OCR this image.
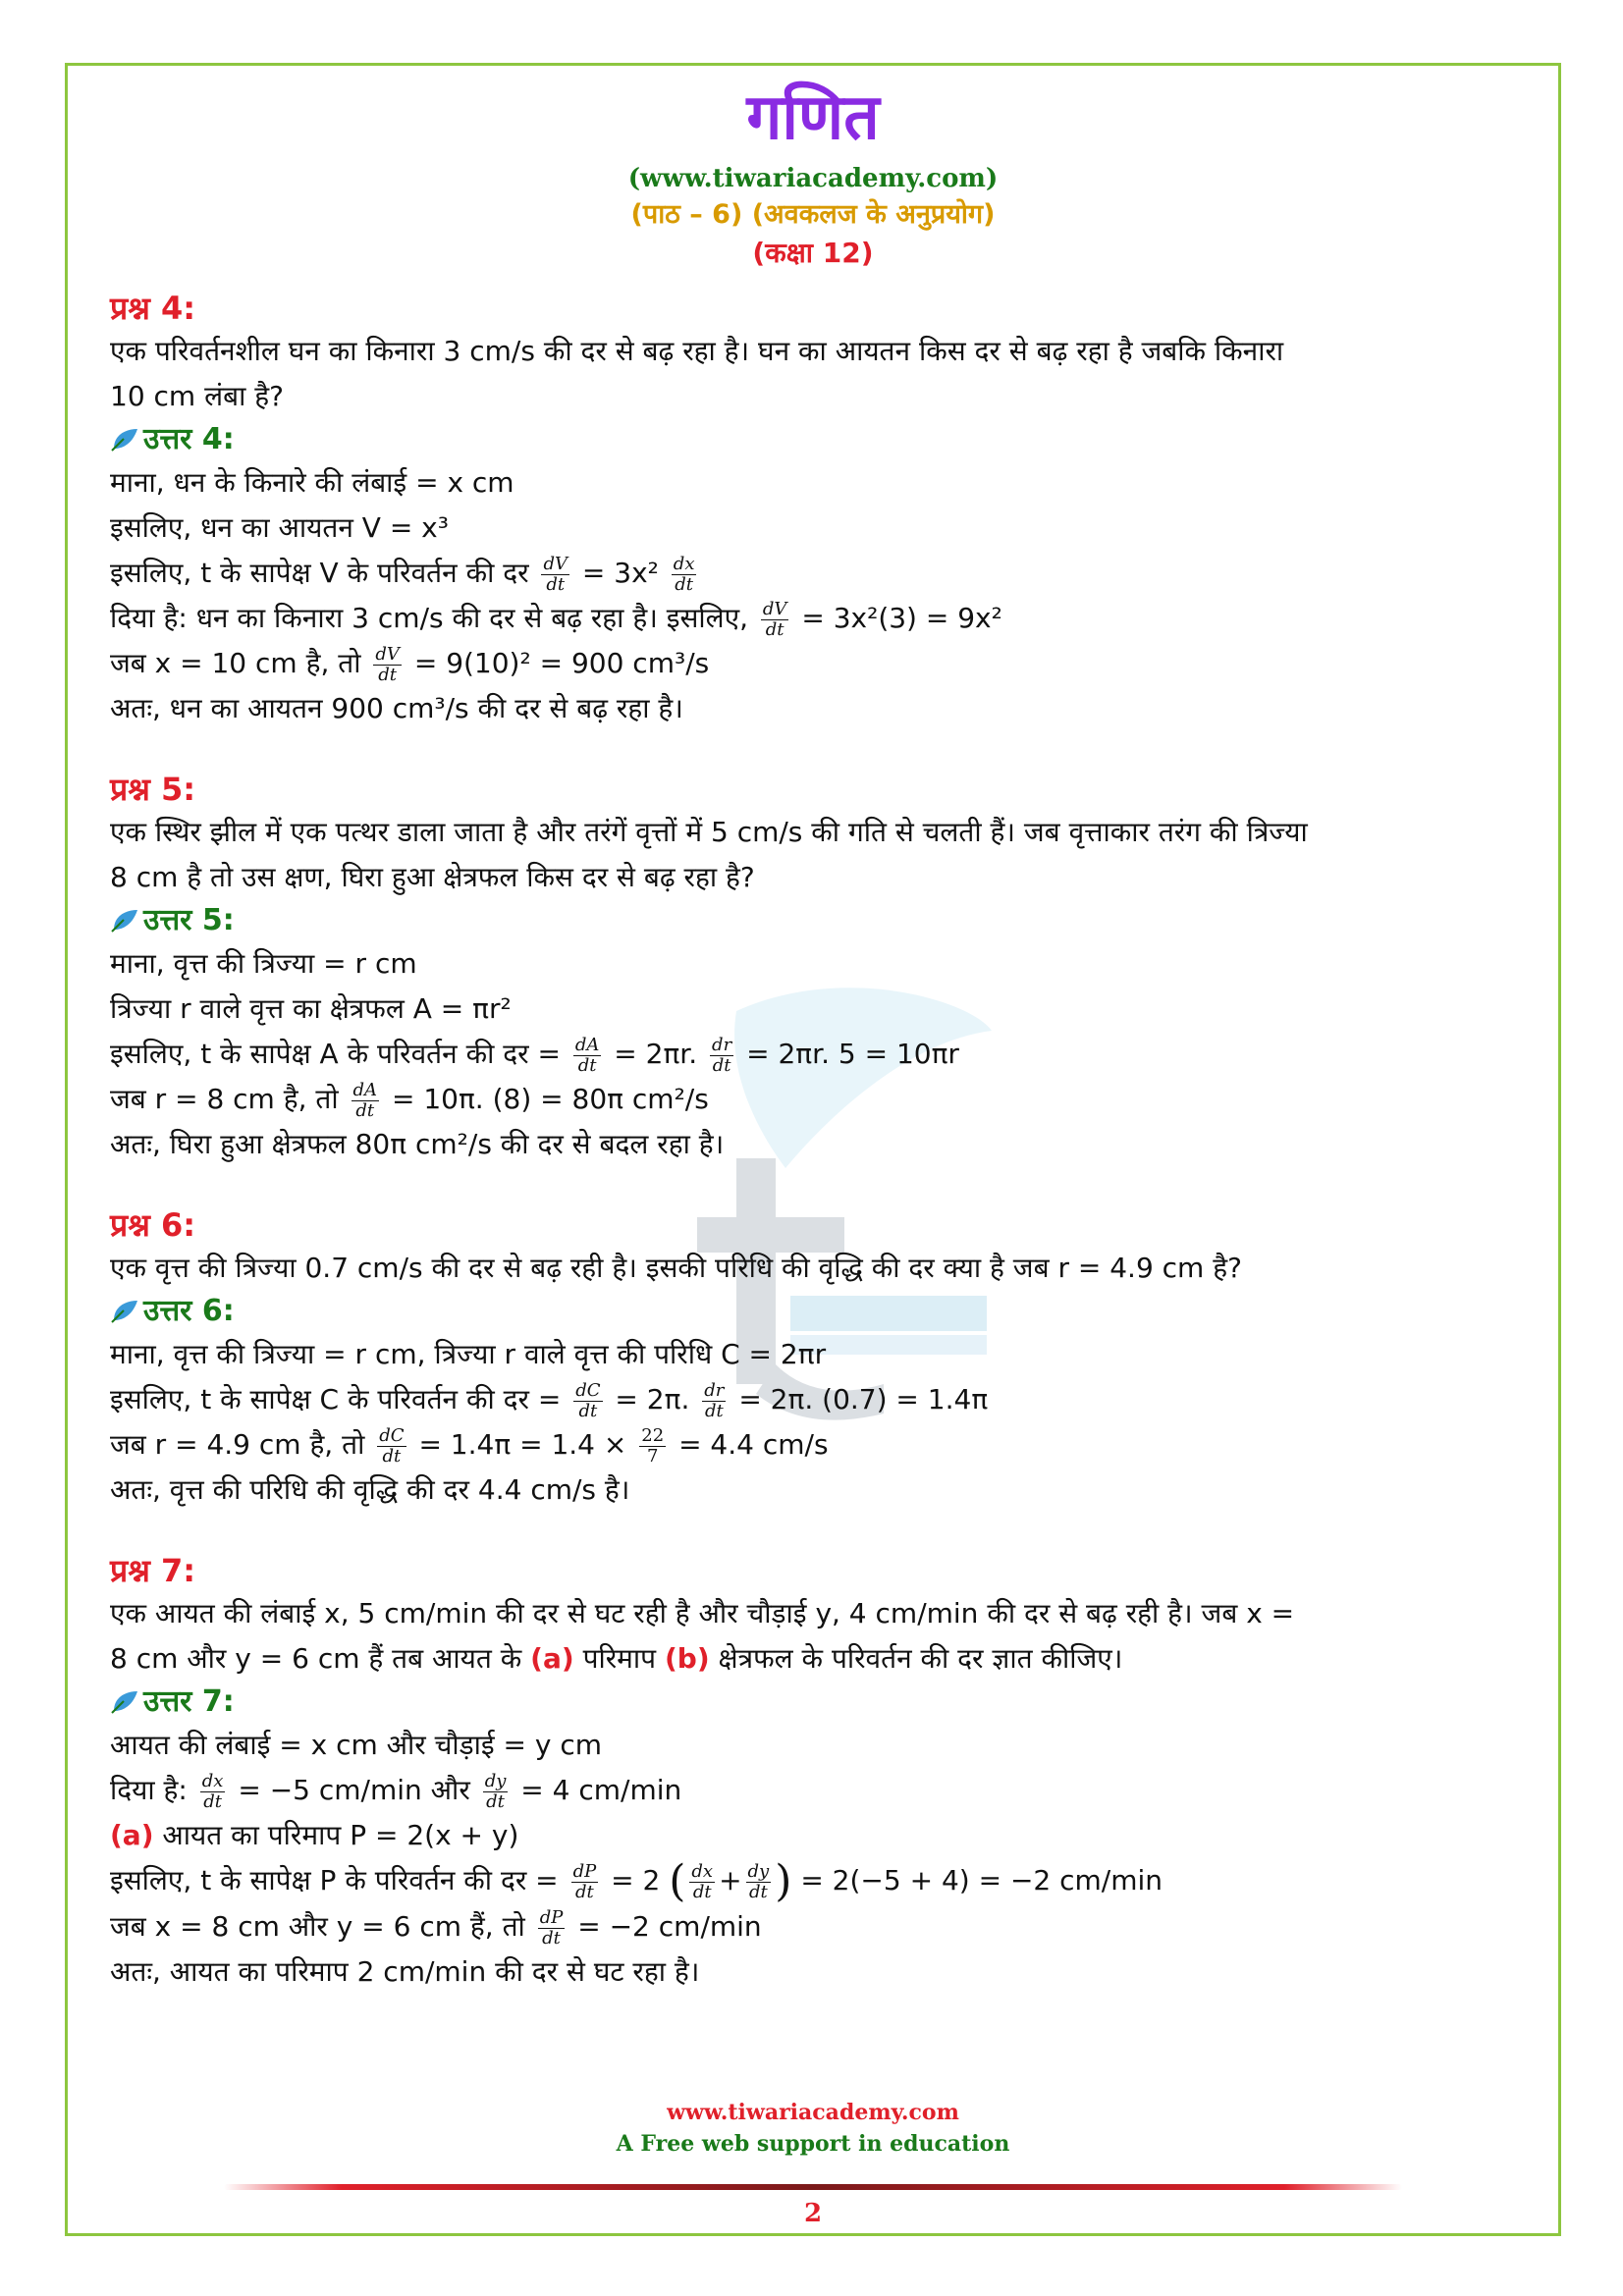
गणित
(www.tiwariacademy.com)
(पाठ – 6) (अवकलज के अनुप्रयोग)
(कक्षा 12)
प्रश्न 4:
एक परिवर्तनशील घन का किनारा 3 cm/s की दर से बढ़ रहा है। घन का आयतन किस दर से बढ़ रहा है जबकि किनारा
10 cm लंबा है?
उत्तर 4:
माना, धन के किनारे की लंबाई = x cm
इसलिए, धन का आयतन V = x³
इसलिए, t के सापेक्ष V के परिवर्तन की दर $\frac{dV}{dt} = 3x^2 \frac{dx}{dt}$
दिया है: धन का किनारा 3 cm/s की दर से बढ़ रहा है। इसलिए, $\frac{dV}{dt} = 3x^2(3) = 9x^2$
जब x = 10 cm है, तो $\frac{dV}{dt} = 9(10)^2 = 900$ cm³/s
अतः, धन का आयतन 900 cm³/s की दर से बढ़ रहा है।
प्रश्न 5:
एक स्थिर झील में एक पत्थर डाला जाता है और तरंगें वृत्तों में 5 cm/s की गति से चलती हैं। जब वृत्ताकार तरंग की त्रिज्या
8 cm है तो उस क्षण, घिरा हुआ क्षेत्रफल किस दर से बढ़ रहा है?
उत्तर 5:
माना, वृत्त की त्रिज्या = r cm
त्रिज्या r वाले वृत्त का क्षेत्रफल A = πr²
इसलिए, t के सापेक्ष A के परिवर्तन की दर = $\frac{dA}{dt} = 2\pi r$. $\frac{dr}{dt} = 2\pi r$. 5 = 10πr
जब r = 8 cm है, तो $\frac{dA}{dt} = 10\pi$. (8) = 80π cm²/s
अतः, घिरा हुआ क्षेत्रफल 80π cm²/s की दर से बदल रहा है।
प्रश्न 6:
एक वृत्त की त्रिज्या 0.7 cm/s की दर से बढ़ रही है। इसकी परिधि की वृद्धि की दर क्या है जब r = 4.9 cm है?
उत्तर 6:
माना, वृत्त की त्रिज्या = r cm, त्रिज्या r वाले वृत्त की परिधि C = 2πr
इसलिए, t के सापेक्ष C के परिवर्तन की दर = $\frac{dC}{dt} = 2\pi$. $\frac{dr}{dt} = 2\pi$. (0.7) = 1.4π
जब r = 4.9 cm है, तो $\frac{dC}{dt} = 1.4\pi = 1.4 \times \frac{22}{7} = 4.4$ cm/s
अतः, वृत्त की परिधि की वृद्धि की दर 4.4 cm/s है।
प्रश्न 7:
एक आयत की लंबाई x, 5 cm/min की दर से घट रही है और चौड़ाई y, 4 cm/min की दर से बढ़ रही है। जब x =
8 cm और y = 6 cm हैं तब आयत के (a) परिमाप (b) क्षेत्रफल के परिवर्तन की दर ज्ञात कीजिए।
उत्तर 7:
आयत की लंबाई = x cm और चौड़ाई = y cm
दिया है: $\frac{dx}{dt} = -5$ cm/min और $\frac{dy}{dt} = 4$ cm/min
(a) आयत का परिमाप P = 2(x + y)
इसलिए, t के सापेक्ष P के परिवर्तन की दर = $\frac{dP}{dt} = 2$ ( $\frac{dx}{dt} + \frac{dy}{dt}$ ) = 2(−5 + 4) = −2 cm/min
जब x = 8 cm और y = 6 cm हैं, तो $\frac{dP}{dt} = -2$ cm/min
अतः, आयत का परिमाप 2 cm/min की दर से घट रहा है।
www.tiwariacademy.com
A Free web support in education
2
